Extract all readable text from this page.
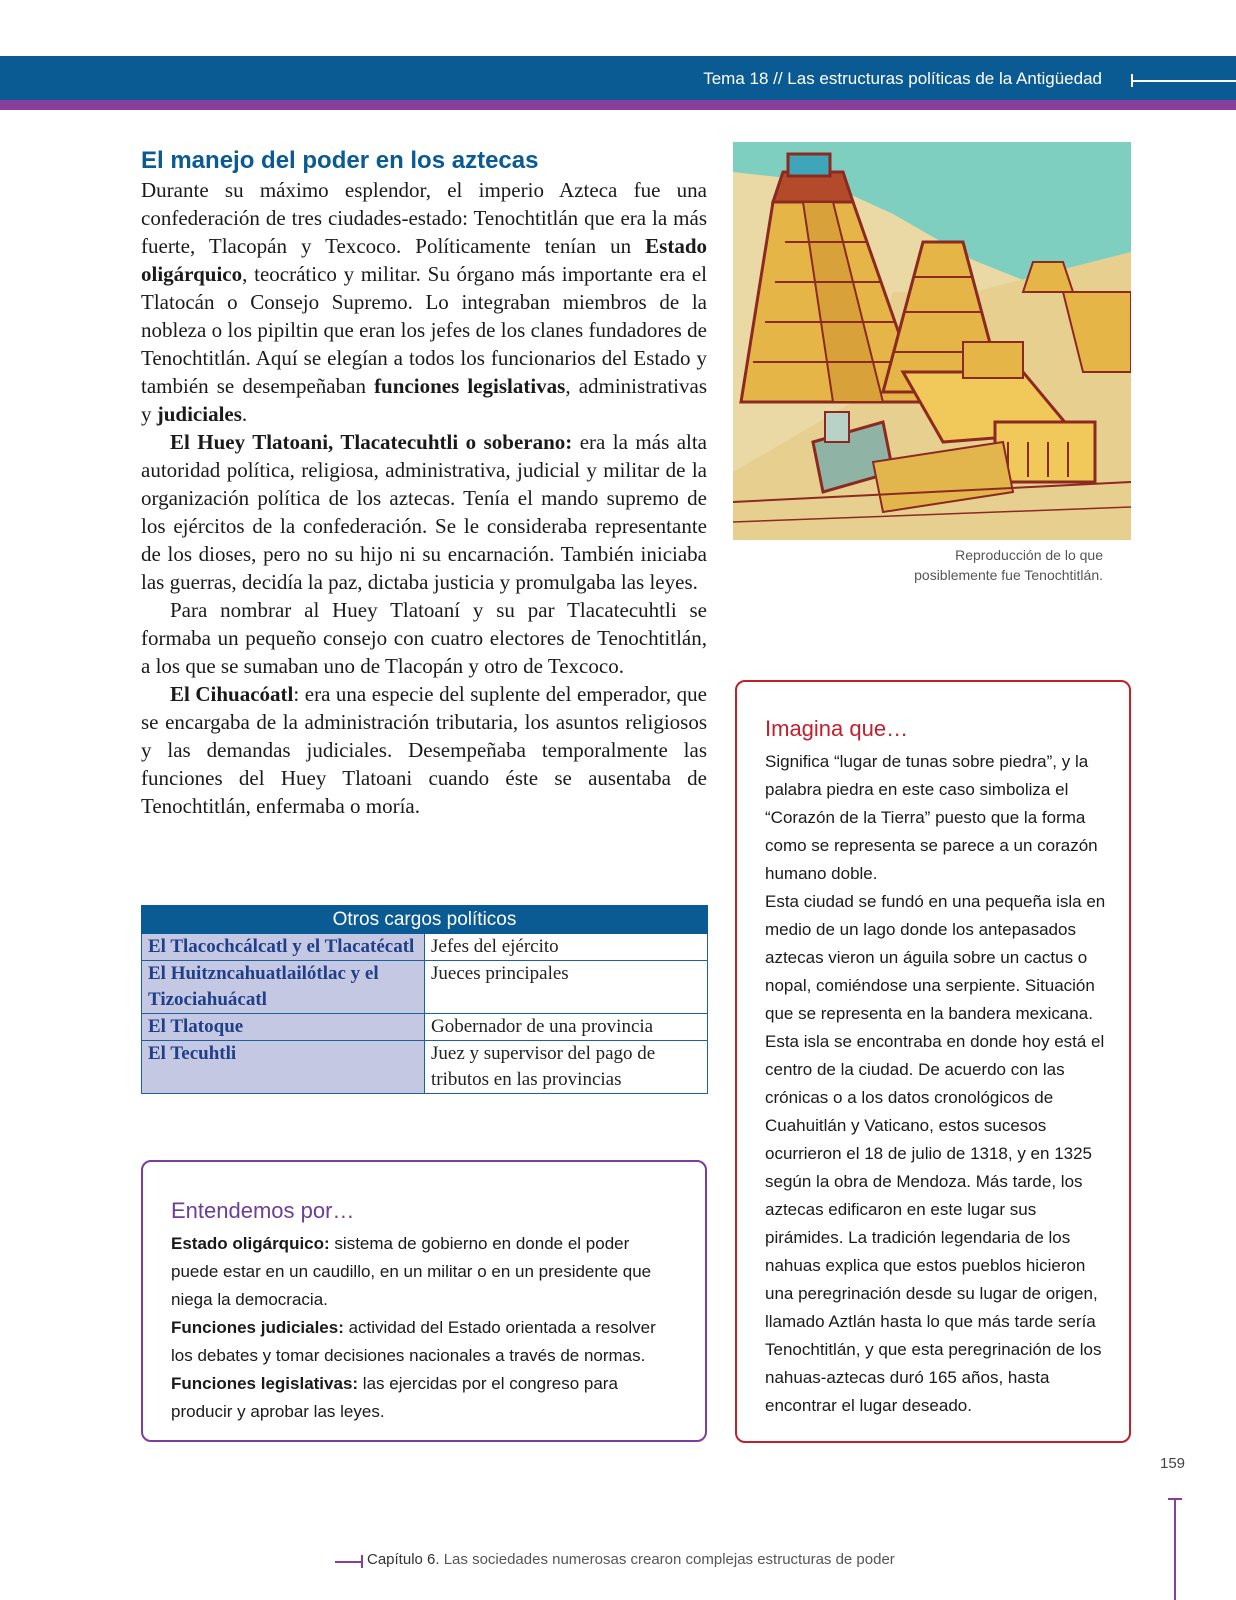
Tema 18 // Las estructuras políticas de la Antigüedad
El manejo del poder en los aztecas

Durante su máximo esplendor, el imperio Azteca fue una confederación de tres ciudades-estado: Tenochtitlán que era la más fuerte, Tlacopán y Texcoco. Políticamente tenían un Estado oligárquico, teocrático y militar. Su órgano más importante era el Tlatocán o Consejo Supremo. Lo integraban miembros de la nobleza o los pipiltin que eran los jefes de los clanes fundadores de Tenochtitlán. Aquí se elegían a todos los funcionarios del Estado y también se desempeñaban funciones legislativas, administrativas y judiciales.

El Huey Tlatoani, Tlacatecuhtli o soberano: era la más alta autoridad política, religiosa, administrativa, judicial y militar de la organización política de los aztecas. Tenía el mando supremo de los ejércitos de la confederación. Se le consideraba representante de los dioses, pero no su hijo ni su encarnación. También iniciaba las guerras, decidía la paz, dictaba justicia y promulgaba las leyes.

Para nombrar al Huey Tlatoaní y su par Tlacatecuhtli se formaba un pequeño consejo con cuatro electores de Tenochtitlán, a los que se sumaban uno de Tlacopán y otro de Texcoco.

El Cihuacóatl: era una especie del suplente del emperador, que se encargaba de la administración tributaria, los asuntos religiosos y las demandas judiciales. Desempeñaba temporalmente las funciones del Huey Tlatoani cuando éste se ausentaba de Tenochtitlán, enfermaba o moría.

Reproducción de lo que
posiblemente fue Tenochtitlán.
Otros cargos políticos	
El Tlacochcálcatl y el Tlacatécatl	Jefes del ejército
El Huitzncahuatlailótlac y el Tizociahuácatl	Jueces principales
El Tlatoque	Gobernador de una provincia
El Tecuhtli	Juez y supervisor del pago de tributos en las provincias
Entendemos por…

Estado oligárquico: sistema de gobierno en donde el poder puede estar en un caudillo, en un militar o en un presidente que niega la democracia.

Funciones judiciales: actividad del Estado orientada a resolver los debates y tomar decisiones nacionales a través de normas.

Funciones legislativas: las ejercidas por el congreso para producir y aprobar las leyes.

Imagina que…

Significa “lugar de tunas sobre piedra”, y la palabra piedra en este caso simboliza el “Corazón de la Tierra” puesto que la forma como se representa se parece a un corazón humano doble.

Esta ciudad se fundó en una pequeña isla en medio de un lago donde los antepasados aztecas vieron un águila sobre un cactus o nopal, comiéndose una serpiente. Situación que se representa en la bandera mexicana. Esta isla se encontraba en donde hoy está el centro de la ciudad. De acuerdo con las crónicas o a los datos cronológicos de Cuahuitlán y Vaticano, estos sucesos ocurrieron el 18 de julio de 1318, y en 1325 según la obra de Mendoza. Más tarde, los aztecas edificaron en este lugar sus pirámides. La tradición legendaria de los nahuas explica que estos pueblos hicieron una peregrinación desde su lugar de origen, llamado Aztlán hasta lo que más tarde sería Tenochtitlán, y que esta peregrinación de los nahuas-aztecas duró 165 años, hasta encontrar el lugar deseado.

159
Capítulo 6. Las sociedades numerosas crearon complejas estructuras de poder
